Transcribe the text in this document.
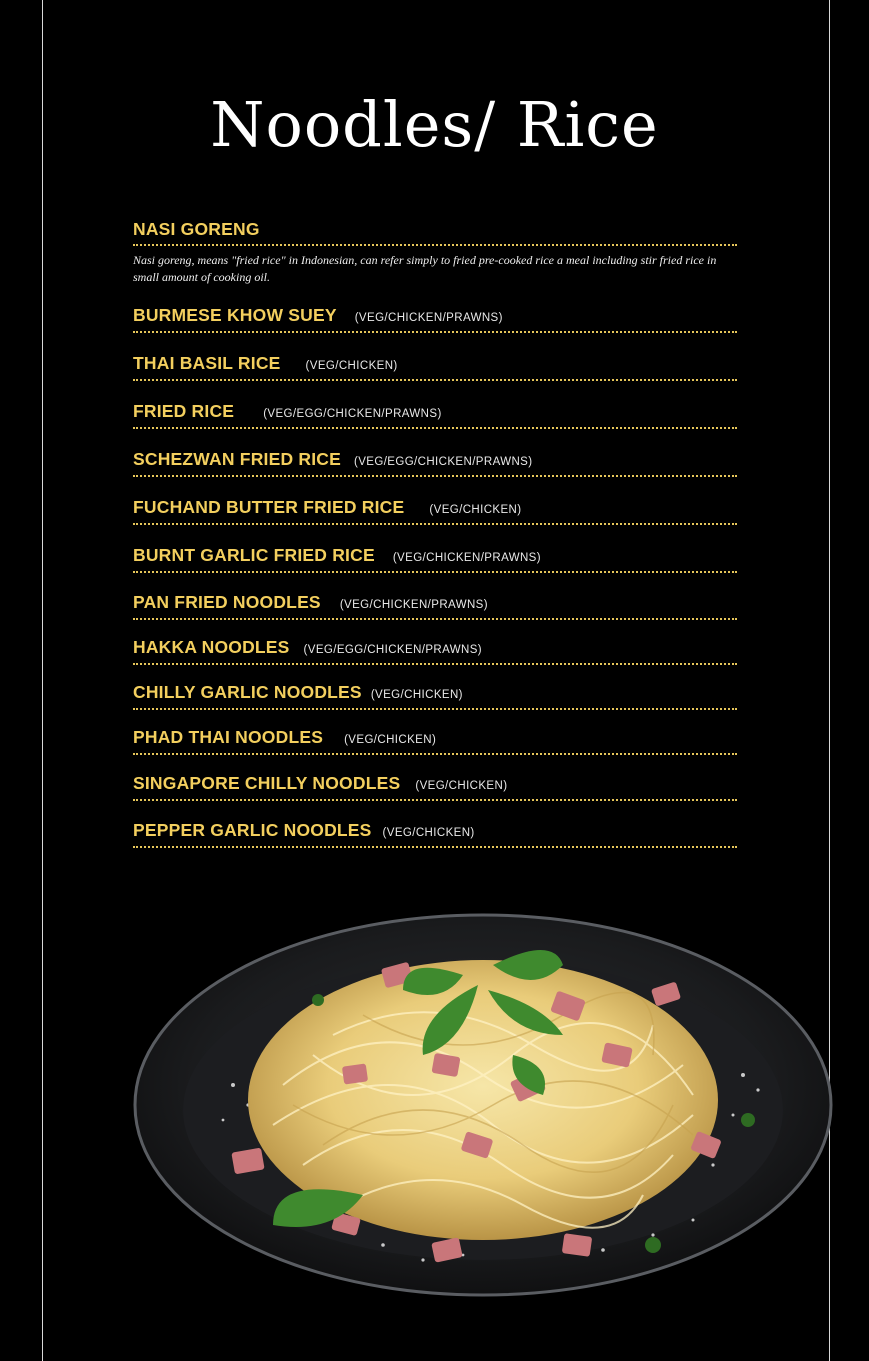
Noodles/ Rice
NASI GORENG
Nasi goreng, means "fried rice" in Indonesian, can refer simply to fried pre-cooked rice a meal including stir fried rice in small amount of cooking oil.
BURMESE KHOW SUEY (VEG/CHICKEN/PRAWNS)
THAI BASIL RICE (VEG/CHICKEN)
FRIED RICE	(VEG/EGG/CHICKEN/PRAWNS)
SCHEZWAN FRIED RICE (VEG/EGG/CHICKEN/PRAWNS)
FUCHAND BUTTER FRIED RICE (VEG/CHICKEN)
BURNT GARLIC FRIED RICE (VEG/CHICKEN/PRAWNS)
PAN FRIED NOODLES (VEG/CHICKEN/PRAWNS)
HAKKA NOODLES (VEG/EGG/CHICKEN/PRAWNS)
CHILLY GARLIC NOODLES (VEG/CHICKEN)
PHAD THAI NOODLES (VEG/CHICKEN)
SINGAPORE CHILLY NOODLES (VEG/CHICKEN)
PEPPER GARLIC NOODLES (VEG/CHICKEN)
